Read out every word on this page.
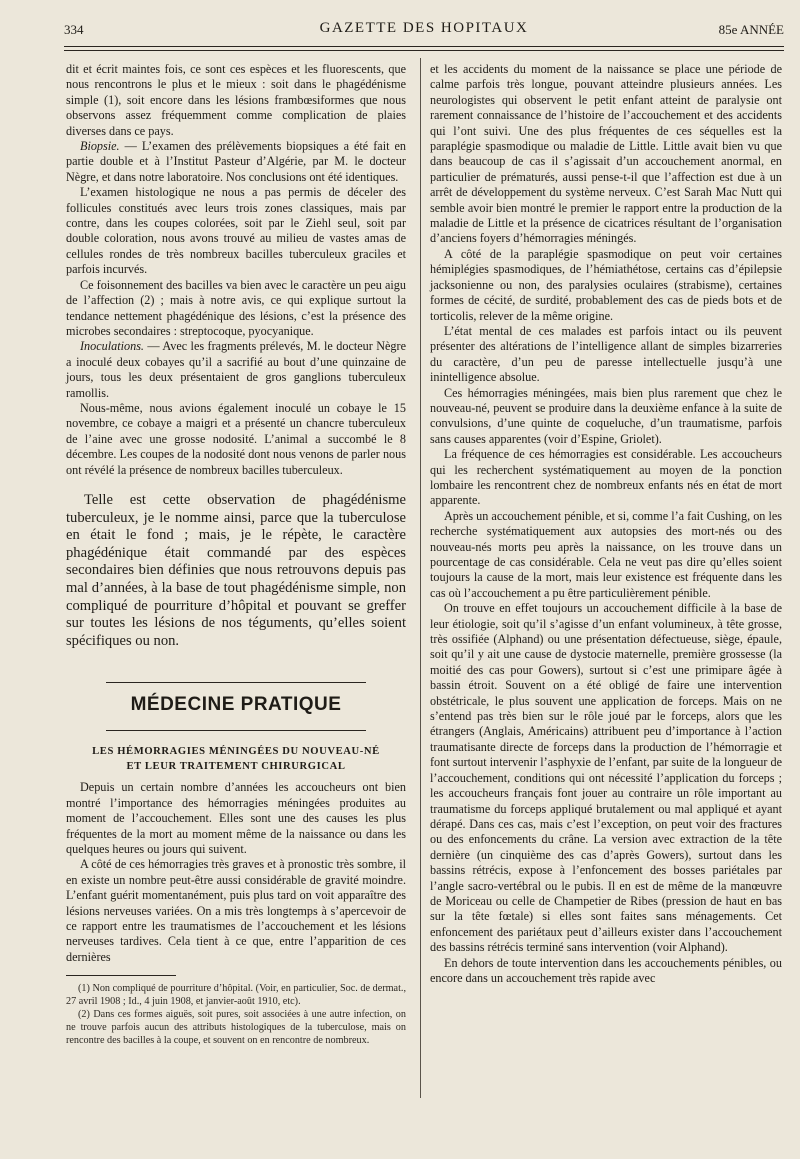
334	GAZETTE DES HOPITAUX	85e ANNÉE

dit et écrit maintes fois, ce sont ces espèces et les fluorescents, que nous rencontrons le plus et le mieux : soit dans le phagédénisme simple (1), soit encore dans les lésions frambœsiformes que nous observons assez fréquemment comme complication de plaies diverses dans ce pays.

Biopsie. — L’examen des prélèvements biopsiques a été fait en partie double et à l’Institut Pasteur d’Algérie, par M. le docteur Nègre, et dans notre laboratoire. Nos conclusions ont été identiques.

L’examen histologique ne nous a pas permis de déceler des follicules constitués avec leurs trois zones classiques, mais par contre, dans les coupes colorées, soit par le Ziehl seul, soit par double coloration, nous avons trouvé au milieu de vastes amas de cellules rondes de très nombreux bacilles tuberculeux graciles et parfois incurvés.

Ce foisonnement des bacilles va bien avec le caractère un peu aigu de l’affection (2) ; mais à notre avis, ce qui explique surtout la tendance nettement phagédénique des lésions, c’est la présence des microbes secondaires : streptocoque, pyocyanique.

Inoculations. — Avec les fragments prélevés, M. le docteur Nègre a inoculé deux cobayes qu’il a sacrifié au bout d’une quinzaine de jours, tous les deux présentaient de gros ganglions tuberculeux ramollis.

Nous-même, nous avions également inoculé un cobaye le 15 novembre, ce cobaye a maigri et a présenté un chancre tuberculeux de l’aine avec une grosse nodosité. L’animal a succombé le 8 décembre. Les coupes de la nodosité dont nous venons de parler nous ont révélé la présence de nombreux bacilles tuberculeux.

Telle est cette observation de phagédénisme tuberculeux, je le nomme ainsi, parce que la tuberculose en était le fond ; mais, je le répète, le caractère phagédénique était commandé par des espèces secondaires bien définies que nous retrouvons depuis pas mal d’années, à la base de tout phagédénisme simple, non compliqué de pourriture d’hôpital et pouvant se greffer sur toutes les lésions de nos téguments, qu’elles soient spécifiques ou non.

MÉDECINE PRATIQUE
LES HÉMORRAGIES MÉNINGÉES DU NOUVEAU-NÉ
ET LEUR TRAITEMENT CHIRURGICAL

Depuis un certain nombre d’années les accoucheurs ont bien montré l’importance des hémorragies méningées produites au moment de l’accouchement. Elles sont une des causes les plus fréquentes de la mort au moment même de la naissance ou dans les quelques heures ou jours qui suivent.

A côté de ces hémorragies très graves et à pronostic très sombre, il en existe un nombre peut-être aussi considérable de gravité moindre. L’enfant guérit momentanément, puis plus tard on voit apparaître des lésions nerveuses variées. On a mis très longtemps à s’apercevoir de ce rapport entre les traumatismes de l’accouchement et les lésions nerveuses tardives. Cela tient à ce que, entre l’apparition de ces dernières

(1) Non compliqué de pourriture d’hôpital. (Voir, en particulier, Soc. de dermat., 27 avril 1908 ; Id., 4 juin 1908, et janvier-août 1910, etc).

(2) Dans ces formes aiguës, soit pures, soit associées à une autre infection, on ne trouve parfois aucun des attributs histologiques de la tuberculose, mais on rencontre des bacilles à la coupe, et souvent on en rencontre de nombreux.

et les accidents du moment de la naissance se place une période de calme parfois très longue, pouvant atteindre plusieurs années. Les neurologistes qui observent le petit enfant atteint de paralysie ont rarement connaissance de l’histoire de l’accouchement et des accidents qui l’ont suivi. Une des plus fréquentes de ces séquelles est la paraplégie spasmodique ou maladie de Little. Little avait bien vu que dans beaucoup de cas il s’agissait d’un accouchement anormal, en particulier de prématurés, aussi pense-t-il que l’affection est due à un arrêt de développement du système nerveux. C’est Sarah Mac Nutt qui semble avoir bien montré le premier le rapport entre la production de la maladie de Little et la présence de cicatrices résultant de l’organisation d’anciens foyers d’hémorragies méningés.

A côté de la paraplégie spasmodique on peut voir certaines hémiplégies spasmodiques, de l’hémiathétose, certains cas d’épilepsie jacksonienne ou non, des paralysies oculaires (strabisme), certaines formes de cécité, de surdité, probablement des cas de pieds bots et de torticolis, relever de la même origine.

L’état mental de ces malades est parfois intact ou ils peuvent présenter des altérations de l’intelligence allant de simples bizarreries du caractère, d’un peu de paresse intellectuelle jusqu’à une inintelligence absolue.

Ces hémorragies méningées, mais bien plus rarement que chez le nouveau-né, peuvent se produire dans la deuxième enfance à la suite de convulsions, d’une quinte de coqueluche, d’un traumatisme, parfois sans causes apparentes (voir d’Espine, Griolet).

La fréquence de ces hémorragies est considérable. Les accoucheurs qui les recherchent systématiquement au moyen de la ponction lombaire les rencontrent chez de nombreux enfants nés en état de mort apparente.

Après un accouchement pénible, et si, comme l’a fait Cushing, on les recherche systématiquement aux autopsies des mort-nés ou des nouveau-nés morts peu après la naissance, on les trouve dans un pourcentage de cas considérable. Cela ne veut pas dire qu’elles soient toujours la cause de la mort, mais leur existence est fréquente dans les cas où l’accouchement a pu être particulièrement pénible.

On trouve en effet toujours un accouchement difficile à la base de leur étiologie, soit qu’il s’agisse d’un enfant volumineux, à tête grosse, très ossifiée (Alphand) ou une présentation défectueuse, siège, épaule, soit qu’il y ait une cause de dystocie maternelle, première grossesse (la moitié des cas pour Gowers), surtout si c’est une primipare âgée à bassin étroit. Souvent on a été obligé de faire une intervention obstétricale, le plus souvent une application de forceps. Mais on ne s’entend pas très bien sur le rôle joué par le forceps, alors que les étrangers (Anglais, Américains) attribuent peu d’importance à l’action traumatisante directe de forceps dans la production de l’hémorragie et font surtout intervenir l’asphyxie de l’enfant, par suite de la longueur de l’accouchement, conditions qui ont nécessité l’application du forceps ; les accoucheurs français font jouer au contraire un rôle important au traumatisme du forceps appliqué brutalement ou mal appliqué et ayant dérapé. Dans ces cas, mais c’est l’exception, on peut voir des fractures ou des enfoncements du crâne. La version avec extraction de la tête dernière (un cinquième des cas d’après Gowers), surtout dans les bassins rétrécis, expose à l’enfoncement des bosses pariétales par l’angle sacro-vertébral ou le pubis. Il en est de même de la manœuvre de Moriceau ou celle de Champetier de Ribes (pression de haut en bas sur la tête fœtale) si elles sont faites sans ménagements. Cet enfoncement des pariétaux peut d’ailleurs exister dans l’accouchement des bassins rétrécis terminé sans intervention (voir Alphand).

En dehors de toute intervention dans les accouchements pénibles, ou encore dans un accouchement très rapide avec
